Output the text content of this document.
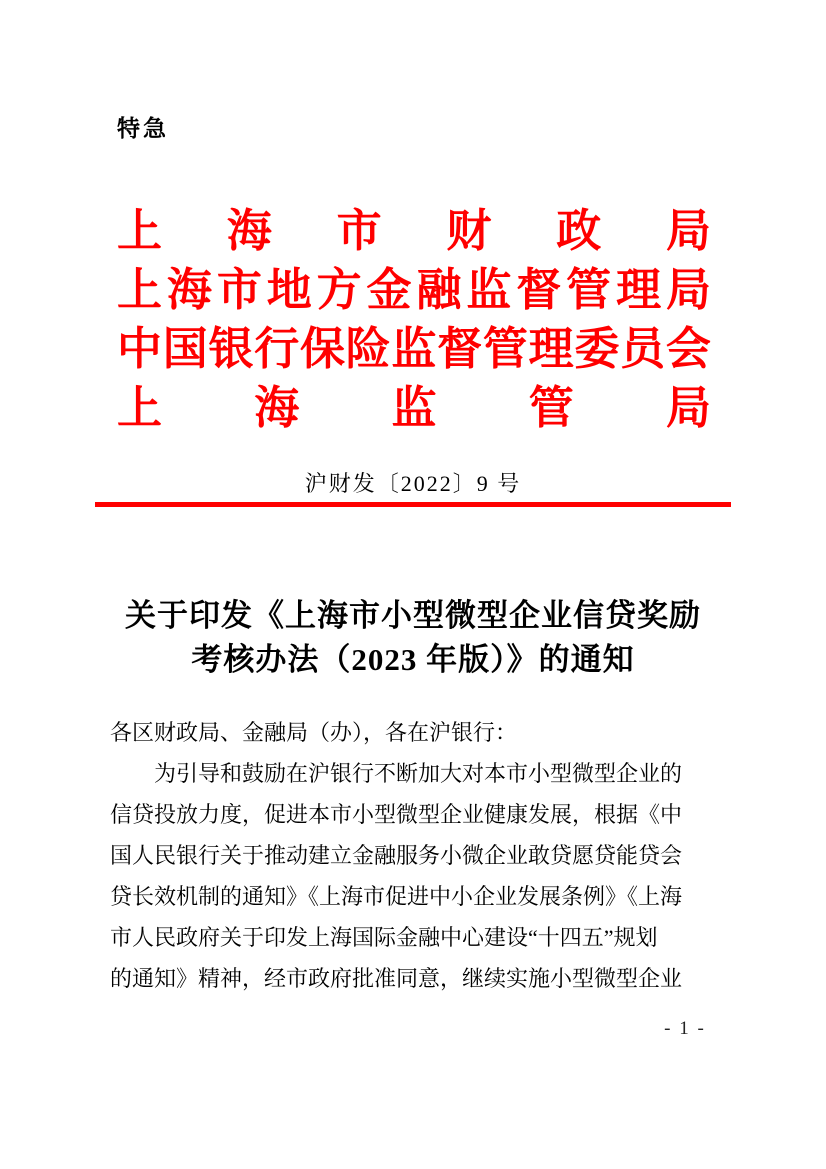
特急
上 海 市 财 政 局
上 海 市 地 方 金 融 监 督 管 理 局
中 国 银 行 保 险 监 督 管 理 委 员 会
上 海 监 管 局
沪财发〔2022〕9 号
关于印发《上海市小型微型企业信贷奖励
考核办法（2023 年版）》的通知
各区财政局、金融局（办），各在沪银行：
为引导和鼓励在沪银行不断加大对本市小型微型企业的
信贷投放力度，促进本市小型微型企业健康发展，根据《中
国人民银行关于推动建立金融服务小微企业敢贷愿贷能贷会
贷长效机制的通知》《上海市促进中小企业发展条例》《上海
市人民政府关于印发上海国际金融中心建设“十四五”规划
的通知》精神，经市政府批准同意，继续实施小型微型企业
- 1 -
